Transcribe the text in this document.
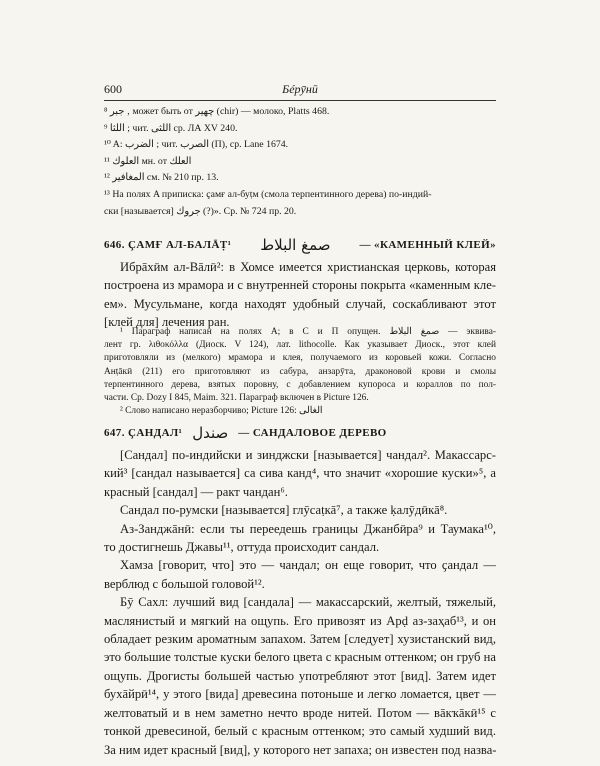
600	Бéрӯнӣ
⁸ جبر ‚ может быть от چهير (chir) — молоко, Platts 468.
⁹ اللثا ; чит. اللثى ср. ЛА XV 240.
¹⁰ A: الضرب ; чит. الصرب (П), ср. Lane 1674.
¹¹ العلوك мн. от العلك
¹² المغافير см. № 210 пр. 13.
¹³ На полях A приписка: ҫамғ ал-буṭм (смола терпентинного дерева) по-индий-
ски [называется] جروك (?)». Ср. № 724 пр. 20.
646. ҪАМҒ АЛ-БАЛĀṬ¹ صمغ البلاط	— «КАМЕННЫЙ КЛЕЙ»
Ибрāхӣм ал-Вāлӣ²: в Хомсе имеется христианская церковь, которая
построена из мрамора и с внутренней стороны покрыта «каменным кле-
ем». Мусульмане, когда находят удобный случай, соскабливают этот
[клей для] лечения ран.
¹ Параграф написан на полях A; в C и П опущен. صمغ البلاط — эквива-
лент гр. λιθοκόλλα (Диоск. V 124), лат. lithocolle. Как указывает Диоск., этот клей
приготовляли из (мелкого) мрамора и клея, получаемого из коровьей кожи. Согласно
Анṭāкӣ (211) его приготовляют из сабура, анзарӯта, драконовой крови и смолы
терпентинного дерева, взятых поровну, с добавлением купороса и кораллов по пол-
части. Ср. Dozy I 845, Maim. 321. Параграф включен в Picture 126.
² Слово написано неразборчиво; Picture 126: الغالى
647. ҪАНДАЛ¹ صندل — САНДАЛОВОЕ ДЕРЕВО
[Сандал] по-индийски и зинджски [называется] чандал². Макассарс-
кий³ [сандал называется] са сива канд⁴, что значит «хорошие куски»⁵, а
красный [сандал] — ракт чандан⁶.
Сандал по-румски [называется] глӯсаṭкā⁷, а также ḳалӯдӣкā⁸.
Аз-Занджāнӣ: если ты переедешь границы Джанбӣра⁹ и Таумака¹⁰,
то достигнешь Джавы¹¹, оттуда происходит сандал.
Хамза [говорит, что] это — чандал; он еще говорит, что ҫандал —
верблюд с большой головой¹².
Бӯ Сахл: лучший вид [сандала] — макассарский, желтый, тяжелый,
маслянистый и мягкий на ощупь. Его привозят из Арḍ аз-заҳаб¹³, и он
обладает резким ароматным запахом. Затем [следует] хузистанский вид,
это большие толстые куски белого цвета с красным оттенком; он груб на
ощупь. Дрогисты большей частью употребляют этот [вид]. Затем идет
бухāйрӣ¹⁴, у этого [вида] древесина потоньше и легко ломается, цвет —
желтоватый и в нем заметно нечто вроде нитей. Потом — вāкҡāкӣ¹⁵ с
тонкой древесиной, белый с красным оттенком; это самый худший вид.
За ним идет красный [вид], у которого нет запаха; он известен под назва-
